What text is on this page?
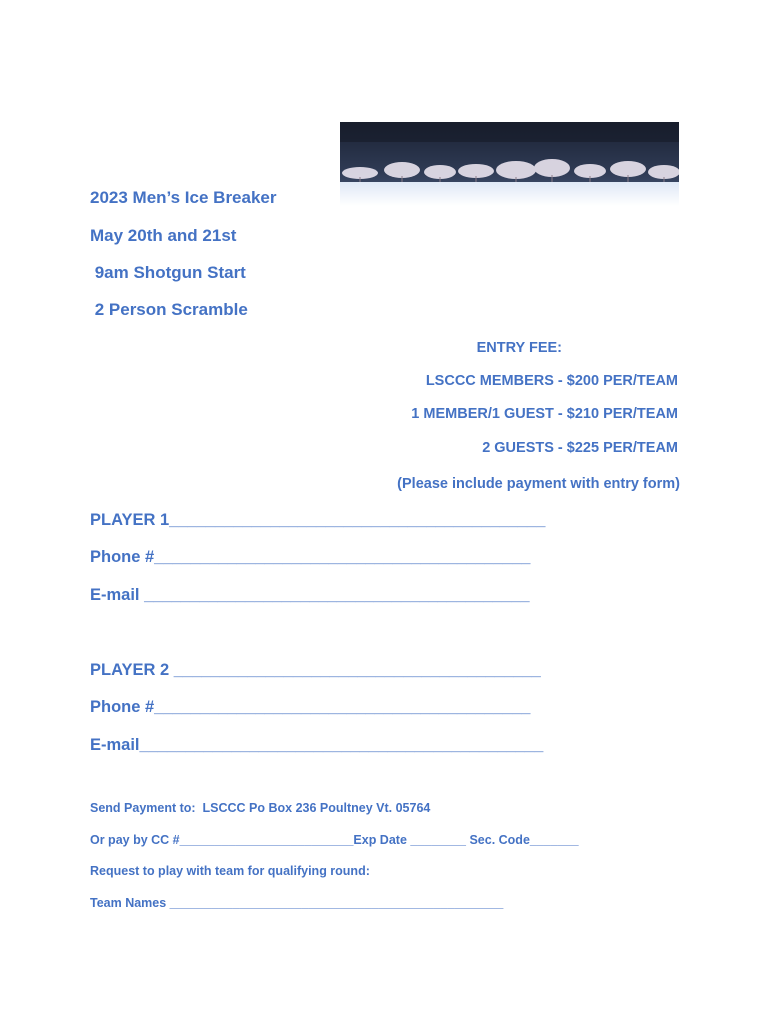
2023 Men’s Ice Breaker
May 20th and 21st
9am Shotgun Start
2 Person Scramble
ENTRY FEE:
LSCCC MEMBERS - $200 PER/TEAM
1 MEMBER/1 GUEST - $210 PER/TEAM
2 GUESTS - $225 PER/TEAM
(Please include payment with entry form)
PLAYER 1_________________________________________
Phone #_________________________________________
E-mail __________________________________________
PLAYER 2 ________________________________________
Phone #_________________________________________
E-mail____________________________________________
Send Payment to:  LSCCC Po Box 236 Poultney Vt. 05764
Or pay by CC #_________________________Exp Date ________ Sec. Code_______
Request to play with team for qualifying round:
Team Names ________________________________________________
